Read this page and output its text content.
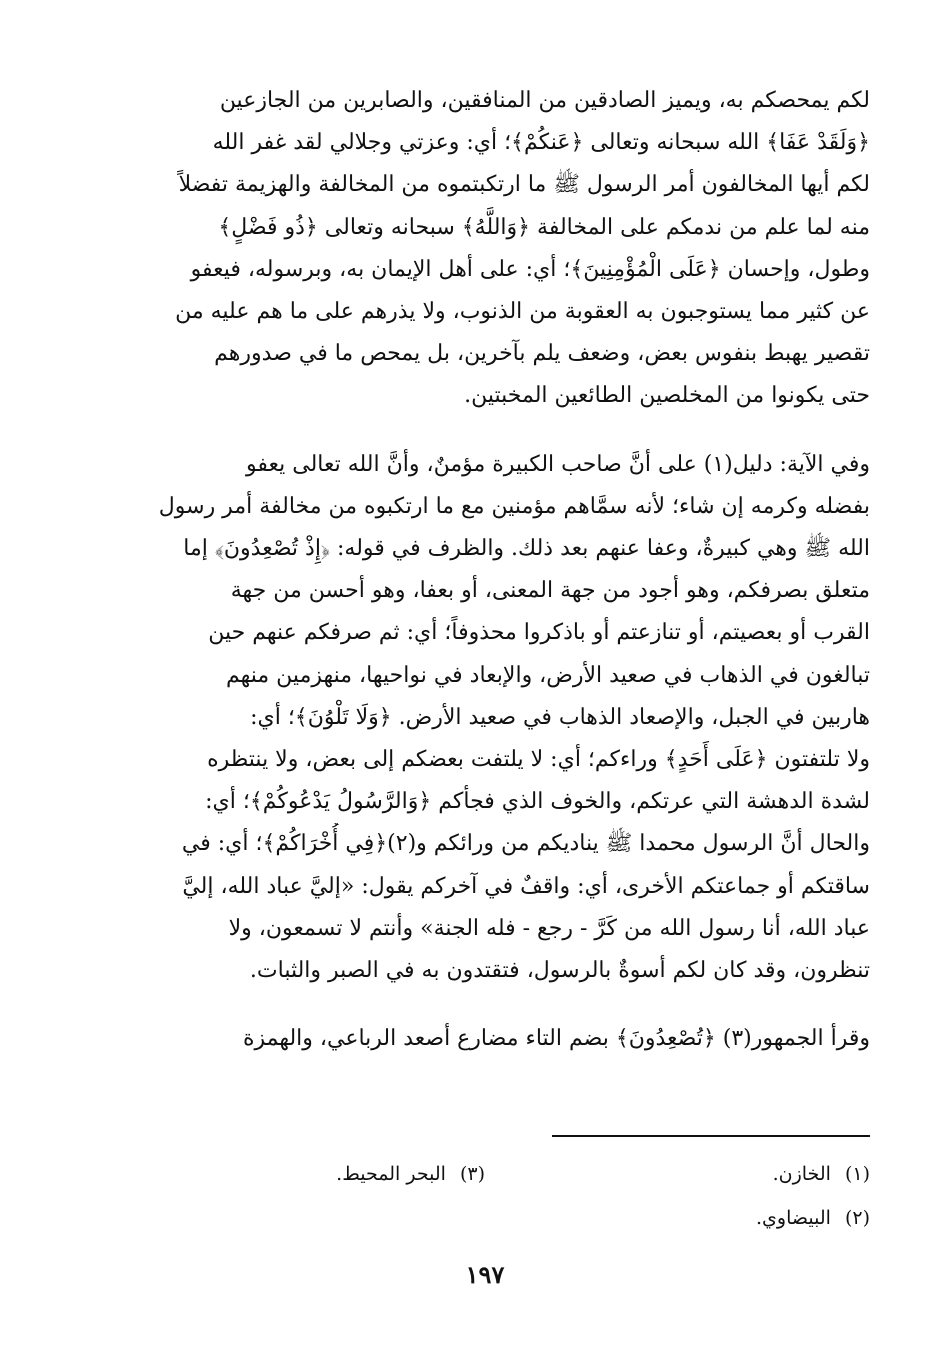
لكم يمحصكم به، ويميز الصادقين من المنافقين، والصابرين من الجازعين
﴿وَلَقَدْ عَفَا﴾ الله سبحانه وتعالى ﴿عَنكُمْ﴾؛ أي: وعزتي وجلالي لقد غفر الله
لكم أيها المخالفون أمر الرسول ﷺ ما ارتكبتموه من المخالفة والهزيمة تفضلاً
منه لما علم من ندمكم على المخالفة ﴿وَاللَّهُ﴾ سبحانه وتعالى ﴿ذُو فَضْلٍ﴾
وطول، وإحسان ﴿عَلَى الْمُؤْمِنِينَ﴾؛ أي: على أهل الإيمان به، وبرسوله، فيعفو
عن كثير مما يستوجبون به العقوبة من الذنوب، ولا يذرهم على ما هم عليه من
تقصير يهبط بنفوس بعض، وضعف يلم بآخرين، بل يمحص ما في صدورهم
حتى يكونوا من المخلصين الطائعين المخبتين.

وفي الآية: دليل(١) على أنَّ صاحب الكبيرة مؤمنٌ، وأنَّ الله تعالى يعفو
بفضله وكرمه إن شاء؛ لأنه سمَّاهم مؤمنين مع ما ارتكبوه من مخالفة أمر رسول
الله ﷺ وهي كبيرةٌ، وعفا عنهم بعد ذلك. والظرف في قوله: ﴿إِذْ تُصْعِدُونَ﴾ إما
متعلق بصرفكم، وهو أجود من جهة المعنى، أو بعفا، وهو أحسن من جهة
القرب أو بعصيتم، أو تنازعتم أو باذكروا محذوفاً؛ أي: ثم صرفكم عنهم حين
تبالغون في الذهاب في صعيد الأرض، والإبعاد في نواحيها، منهزمين منهم
هاربين في الجبل، والإصعاد الذهاب في صعيد الأرض. ﴿وَلَا تَلْوُنَ﴾؛ أي:
ولا تلتفتون ﴿عَلَى أَحَدٍ﴾ وراءكم؛ أي: لا يلتفت بعضكم إلى بعض، ولا ينتظره
لشدة الدهشة التي عرتكم، والخوف الذي فجأكم ﴿وَالرَّسُولُ يَدْعُوكُمْ﴾؛ أي:
والحال أنَّ الرسول محمدا ﷺ يناديكم من ورائكم و(٢)﴿فِي أُخْرَاكُمْ﴾؛ أي: في
ساقتكم أو جماعتكم الأخرى، أي: واقفٌ في آخركم يقول: «إليَّ عباد الله، إليَّ
عباد الله، أنا رسول الله من كَرَّ - رجع - فله الجنة» وأنتم لا تسمعون، ولا
تنظرون، وقد كان لكم أسوةٌ بالرسول، فتقتدون به في الصبر والثبات.

وقرأ الجمهور(٣) ﴿تُصْعِدُونَ﴾ بضم التاء مضارع أصعد الرباعي، والهمزة

(١) الخازن.
(٣) البحر المحيط.
(٢) البيضاوي.
١٩٧
